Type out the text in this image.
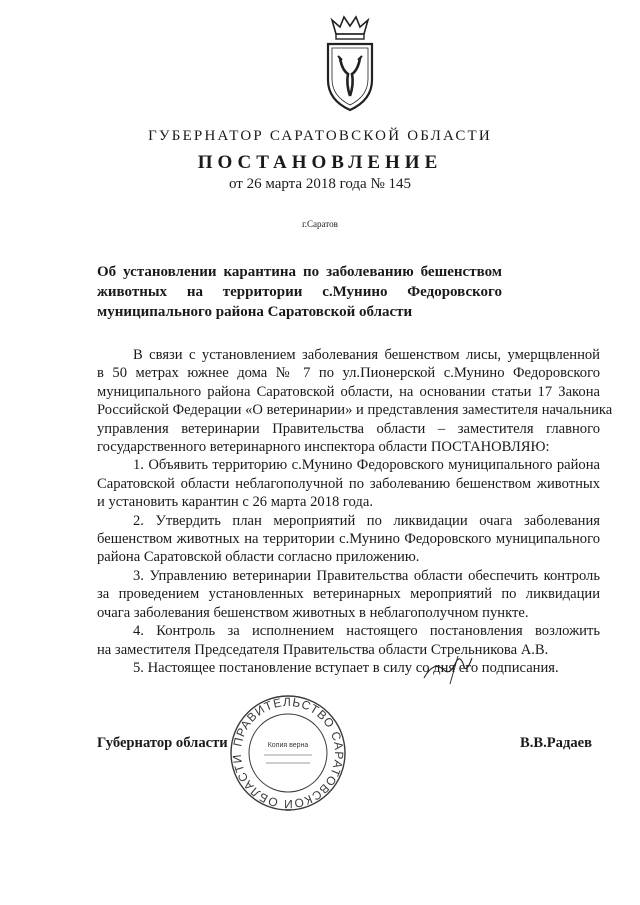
ГУБЕРНАТОР САРАТОВСКОЙ ОБЛАСТИ
ПОСТАНОВЛЕНИЕ
от 26 марта 2018 года № 145
г.Саратов
Об установлении карантина по заболеванию бешенством
животных на территории с.Мунино Федоровского
муниципального района Саратовской области
В связи с установлением заболевания бешенством лисы, умерщвленной
в 50 метрах южнее дома № 7 по ул.Пионерской с.Мунино Федоровского
муниципального района Саратовской области, на основании статьи 17 Закона
Российской Федерации «О ветеринарии» и представления заместителя начальника
управления ветеринарии Правительства области – заместителя главного
государственного ветеринарного инспектора области ПОСТАНОВЛЯЮ:
1. Объявить территорию с.Мунино Федоровского муниципального района
Саратовской области неблагополучной по заболеванию бешенством животных
и установить карантин с 26 марта 2018 года.
2. Утвердить план мероприятий по ликвидации очага заболевания
бешенством животных на территории с.Мунино Федоровского муниципального
района Саратовской области согласно приложению.
3. Управлению ветеринарии Правительства области обеспечить контроль
за проведением установленных ветеринарных мероприятий по ликвидации
очага заболевания бешенством животных в неблагополучном пункте.
4. Контроль за исполнением настоящего постановления возложить
на заместителя Председателя Правительства области Стрельникова А.В.
5. Настоящее постановление вступает в силу со дня его подписания.
ПРАВИТЕЛЬСТВО САРАТОВСКОЙ ОБЛАСТИ
Копия верна
Губернатор области	В.В.Радаев
